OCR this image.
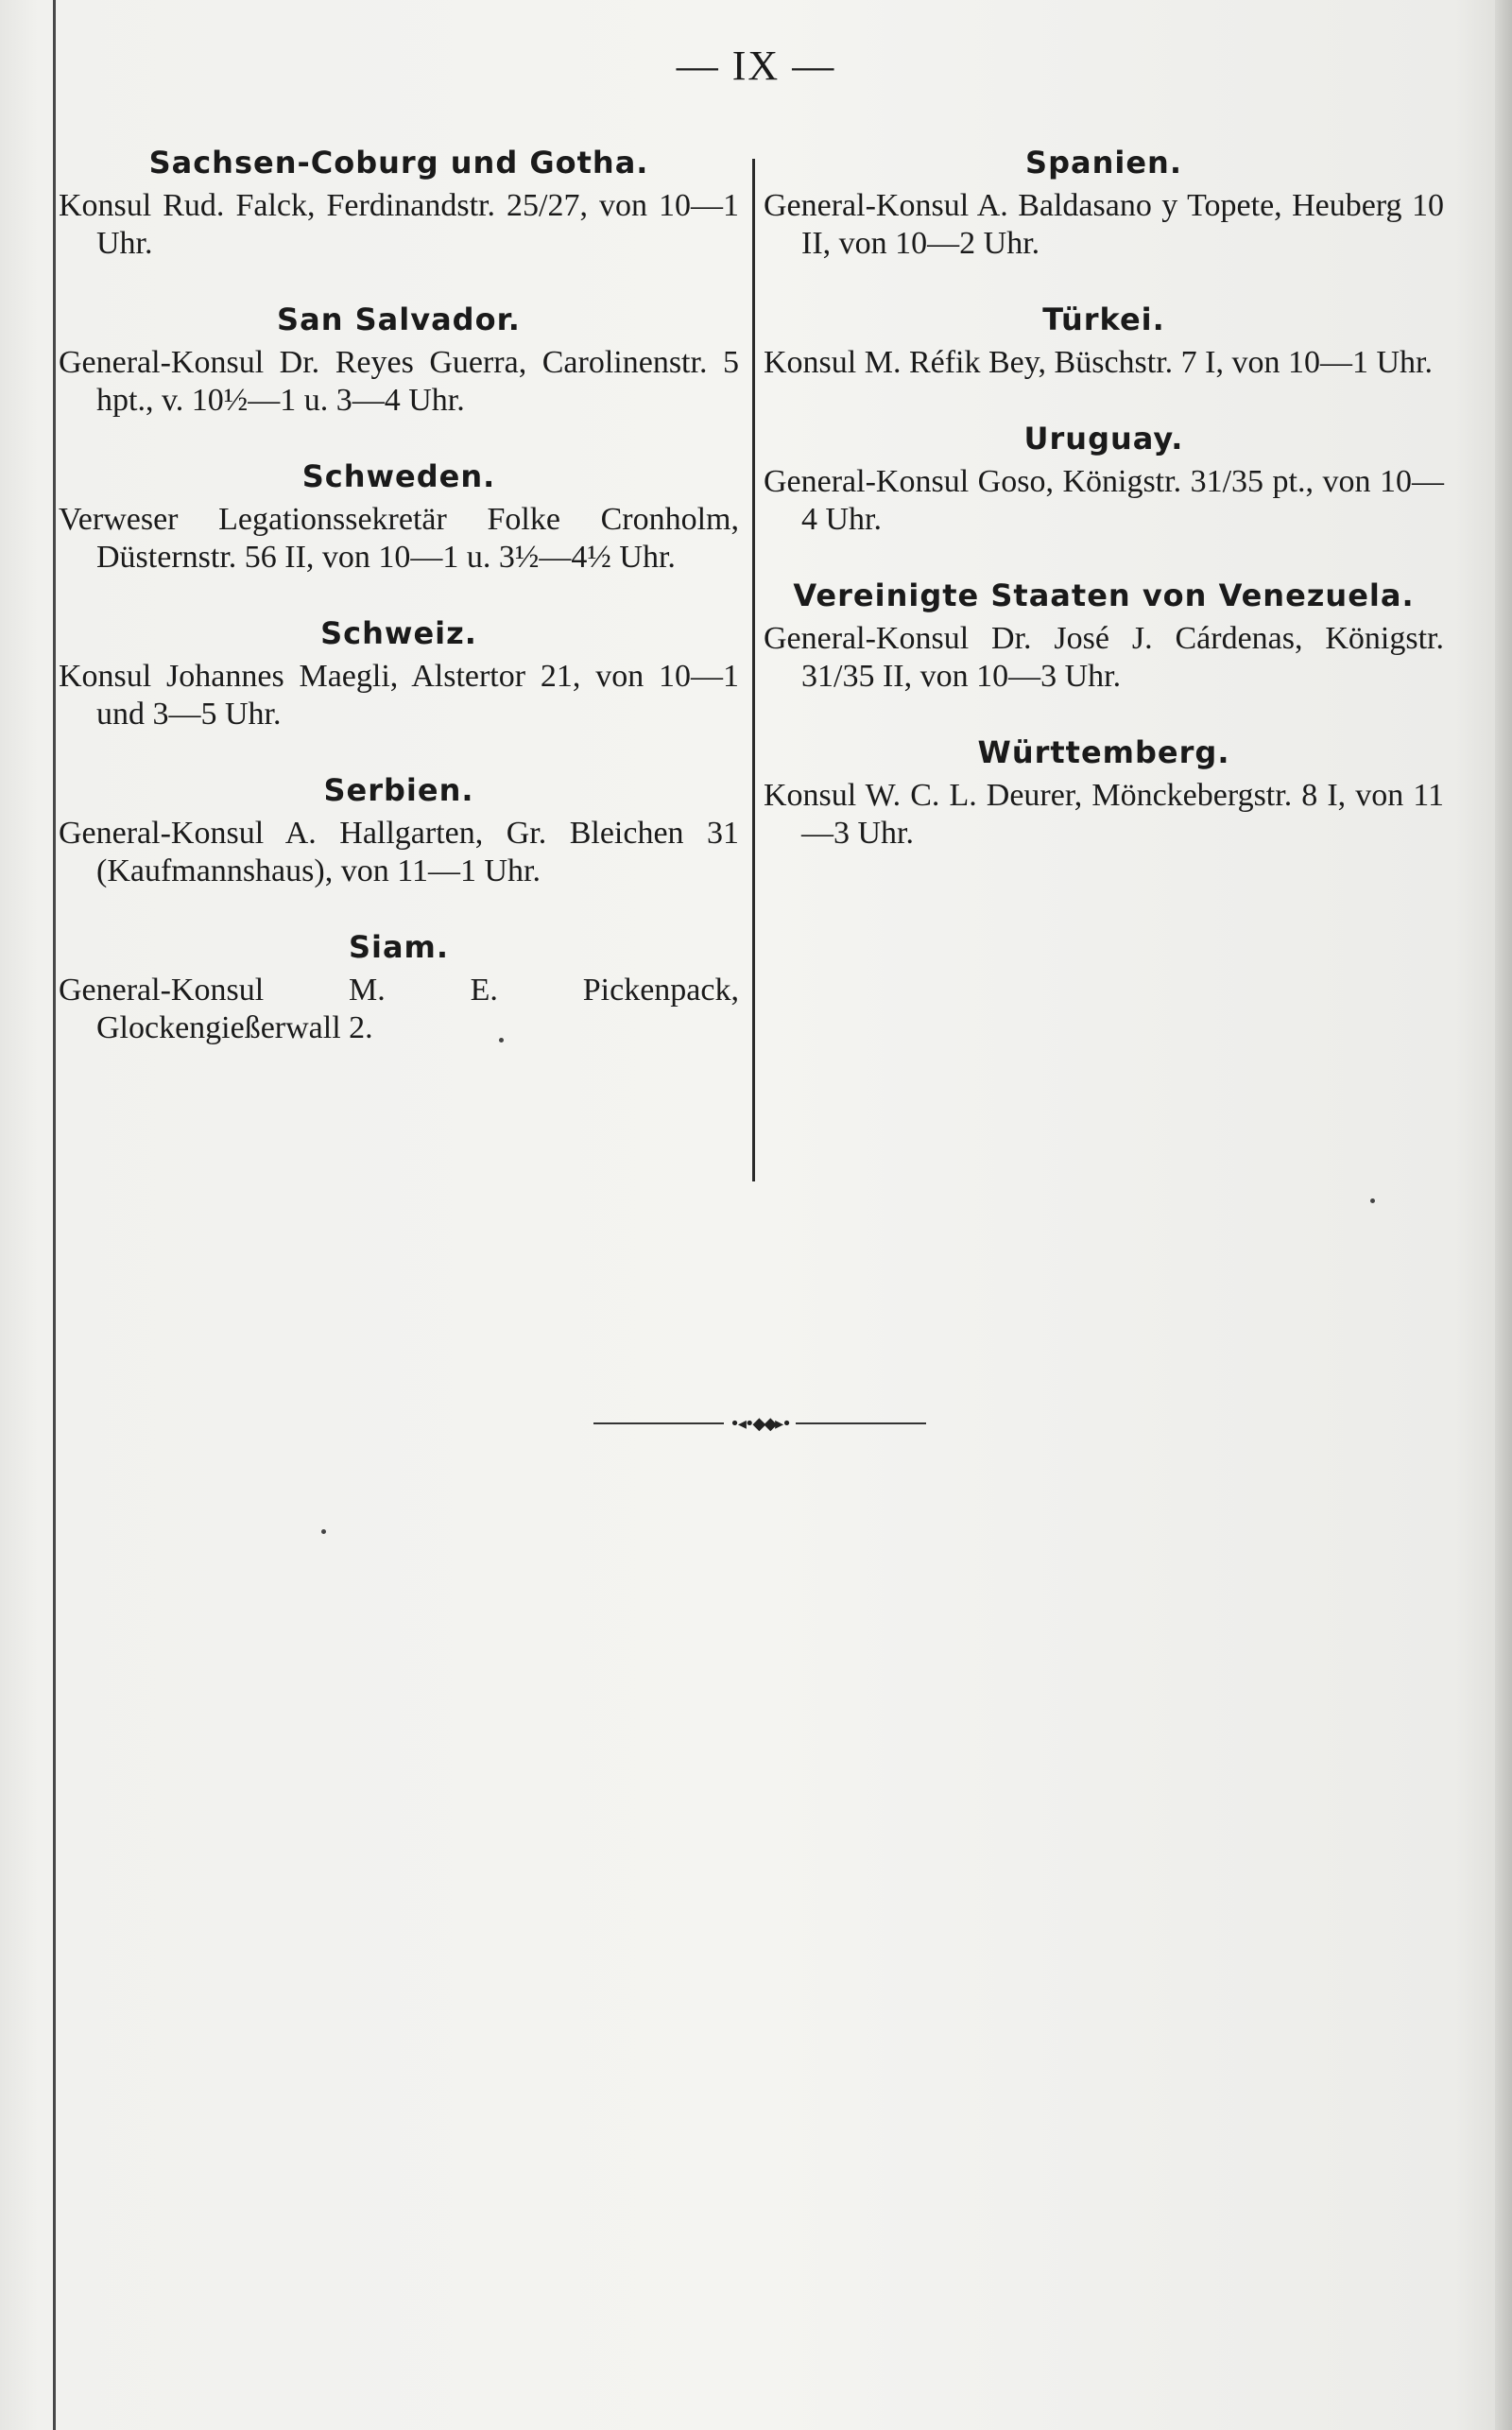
— IX —
Sachsen-Coburg und Gotha.

Konsul Rud. Falck, Ferdinandstr. 25/27, von 10—1 Uhr.

San Salvador.

General-Konsul Dr. Reyes Guerra, Carolinenstr. 5 hpt., v. 10½—1 u. 3—4 Uhr.

Schweden.

Verweser Legationssekretär Folke Cronholm, Düsternstr. 56 II, von 10—1 u. 3½—4½ Uhr.

Schweiz.

Konsul Johannes Maegli, Alstertor 21, von 10—1 und 3—5 Uhr.

Serbien.

General-Konsul A. Hallgarten, Gr. Bleichen 31 (Kaufmannshaus), von 11—1 Uhr.

Siam.

General-Konsul M. E. Pickenpack, Glockengießerwall 2.

Spanien.

General-Konsul A. Baldasano y Topete, Heuberg 10 II, von 10—2 Uhr.

Türkei.

Konsul M. Réfik Bey, Büschstr. 7 I, von 10—1 Uhr.

Uruguay.

General-Konsul Goso, Königstr. 31/35 pt., von 10—4 Uhr.

Vereinigte Staaten von Venezuela.

General-Konsul Dr. José J. Cárdenas, Königstr. 31/35 II, von 10—3 Uhr.

Württemberg.

Konsul W. C. L. Deurer, Mönckebergstr. 8 I, von 11—3 Uhr.

•◂•◆◆▸•
